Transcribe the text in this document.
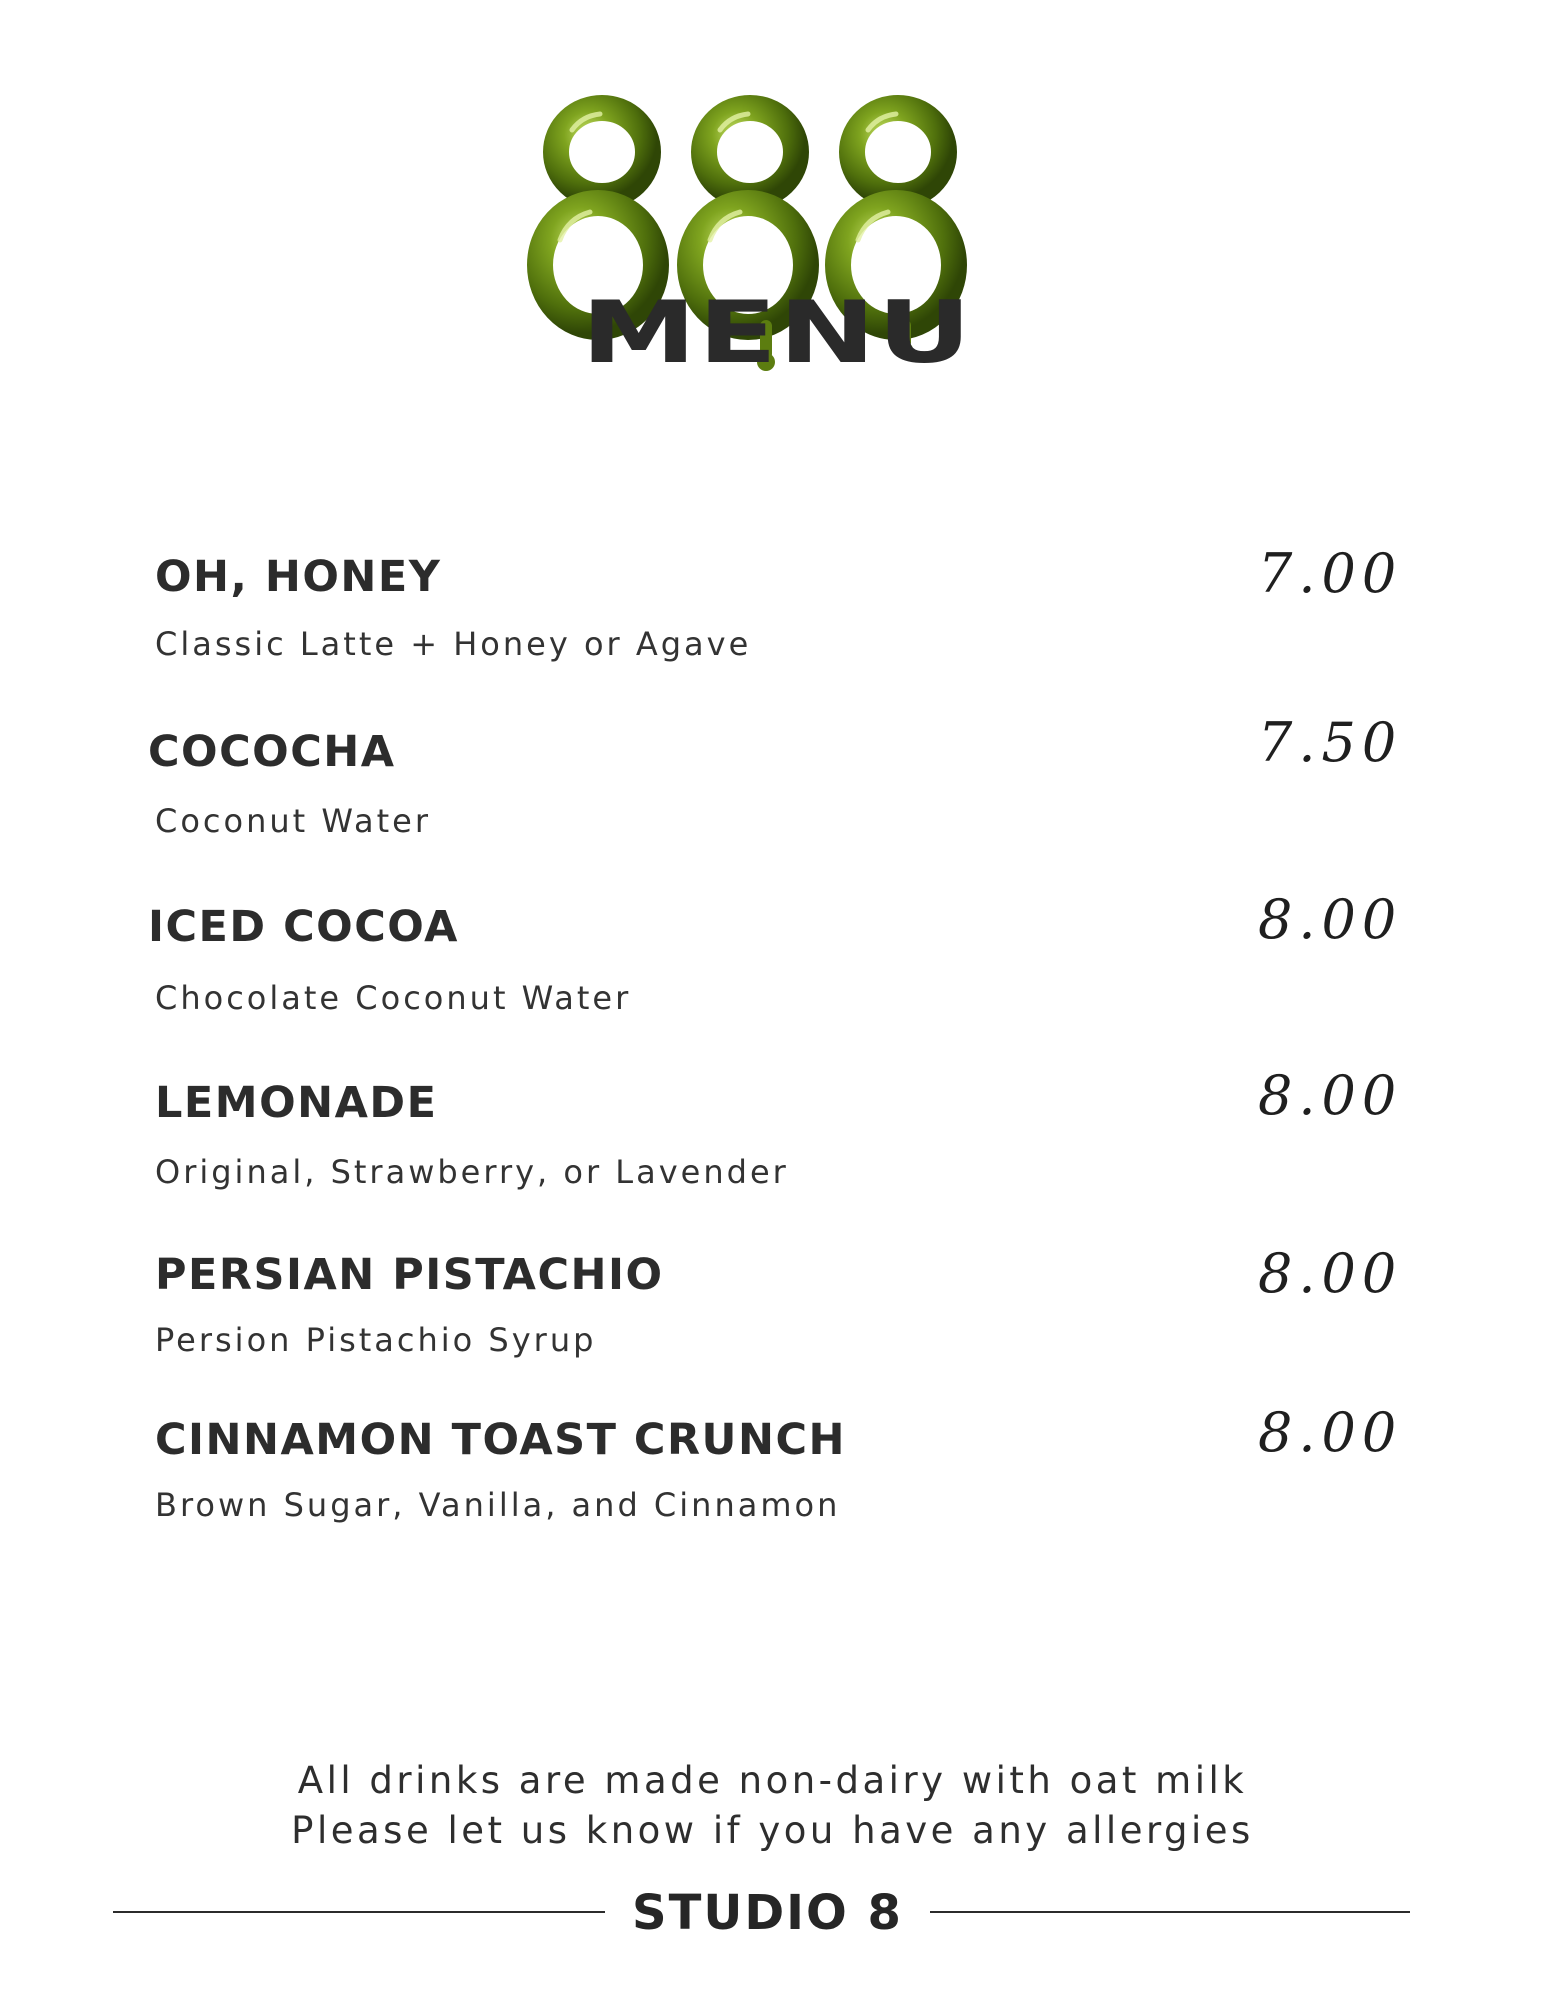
MENU
OH, HONEY
Classic Latte + Honey or Agave
7.00
COCOCHA
Coconut Water
7.50
ICED COCOA
Chocolate Coconut Water
8.00
LEMONADE
Original, Strawberry, or Lavender
8.00
PERSIAN PISTACHIO
Persion Pistachio Syrup
8.00
CINNAMON TOAST CRUNCH
Brown Sugar, Vanilla, and Cinnamon
8.00
All drinks are made non-dairy with oat milk
Please let us know if you have any allergies
STUDIO 8
